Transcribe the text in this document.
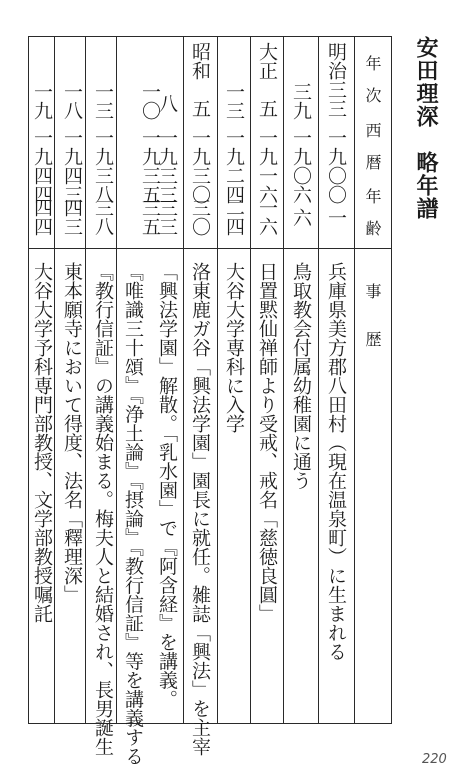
安田理深　略年譜
年　次
西　暦
年　齢
事　　歴
明治三三
一九〇〇
一
兵庫県美方郡八田村（現在温泉町）に生まれる
三九
一九〇六
六
鳥取教会付属幼稚園に通う
大正　五
一九一六
一六
日置黙仙禅師より受戒、戒名「慈徳良圓」
一三
一九二四
二四
大谷大学専科に入学
昭和　五
一九三〇
三〇
洛東鹿ガ谷「興法学園」園長に就任。雑誌「興法」を主宰
八
一九三三
三三
「興法学園」解散。「乳水園」で『阿含経』を講義。
一〇
一九三五
三五
『唯識三十頌』『浄土論』『摂論』『教行信証』等を講義する
一三
一九三八
三八
『教行信証』の講義始まる。梅夫人と結婚され、長男誕生
一八
一九四三
四三
東本願寺において得度、法名「釋理深」
一九
一九四四
四四
大谷大学予科専門部教授、文学部教授嘱託
220
